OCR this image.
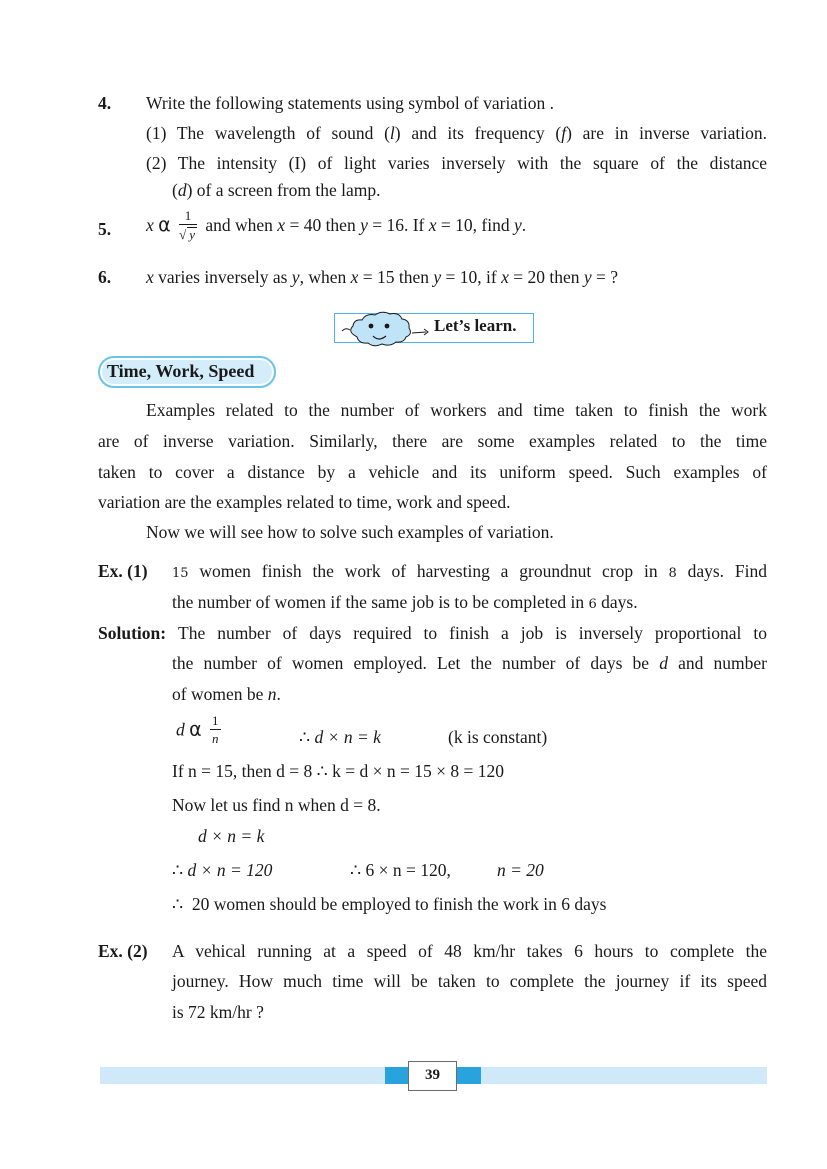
4. Write the following statements using symbol of variation .
(1) The wavelength of sound (l) and its frequency (f) are in inverse variation.
(2) The intensity (I) of light varies inversely with the square of the distance
(d) of a screen from the lamp.
5. x α $\frac{1}{√ y}$ and when x = 40 then y = 16. If x = 10, find y.
6. x varies inversely as y, when x = 15 then y = 10, if x = 20 then y = ?
Let’s learn.
Time, Work, Speed
Examples related to the number of workers and time taken to finish the work
are of inverse variation. Similarly, there are some examples related to the time
taken to cover a distance by a vehicle and its uniform speed. Such examples of
variation are the examples related to time, work and speed.
Now we will see how to solve such examples of variation.
Ex. (1) 15 women finish the work of harvesting a groundnut crop in 8 days. Find
the number of women if the same job is to be completed in 6 days.
Solution: The number of days required to finish a job is inversely proportional to
the number of women employed. Let the number of days be d and number
of women be n.
d α $\frac{1}{n}$	∴ d × n = k	(k is constant)
If n = 15, then d = 8 ∴ k = d × n = 15 × 8 = 120
Now let us find n when d = 8.
d × n = k
∴ d × n = 120	∴ 6 × n = 120,	n = 20
∴ 20 women should be employed to finish the work in 6 days
Ex. (2) A vehical running at a speed of 48 km/hr takes 6 hours to complete the
journey. How much time will be taken to complete the journey if its speed
is 72 km/hr ?
39
